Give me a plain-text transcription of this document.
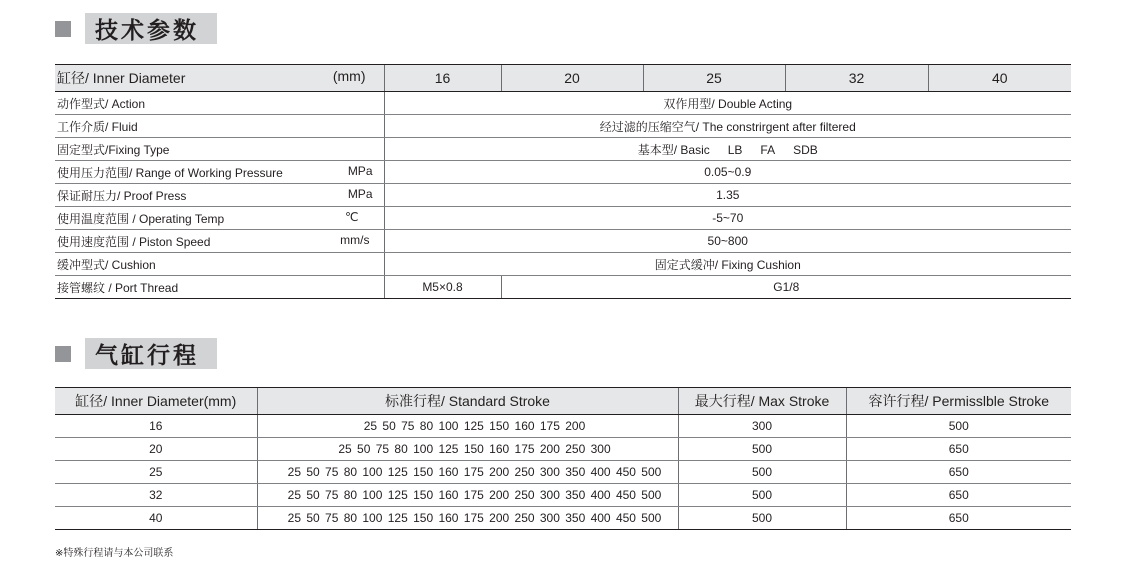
技术参数
缸径/ Inner Diameter (mm)	16	20	25	32	40
动作型式/ Action	双作用型/ Double Acting				
工作介质/ Fluid	经过滤的压缩空气/ The constrirgent after filtered				
固定型式/Fixing Type	基本型/ Basic LB FA SDB				

使用压力范围/ Range of Working Pressure MPa	0.05~0.9				

保证耐压力/ Proof Press MPa	1.35				

使用温度范围 / Operating Temp ℃	-5~70				

使用速度范围 / Piston Speed mm/s	50~800				
缓冲型式/ Cushion	固定式缓冲/ Fixing Cushion				
接管螺纹 / Port Thread	M5×0.8	G1/8			
气缸行程
缸径/ Inner Diameter(mm)	标准行程/ Standard Stroke	最大行程/ Max Stroke	容许行程/ Permisslble Stroke
16	25 50 75 80 100 125 150 160 175 200	300	500
20	25 50 75 80 100 125 150 160 175 200 250 300	500	650
25	25 50 75 80 100 125 150 160 175 200 250 300 350 400 450 500	500	650
32	25 50 75 80 100 125 150 160 175 200 250 300 350 400 450 500	500	650
40	25 50 75 80 100 125 150 160 175 200 250 300 350 400 450 500	500	650
※特殊行程请与本公司联系
